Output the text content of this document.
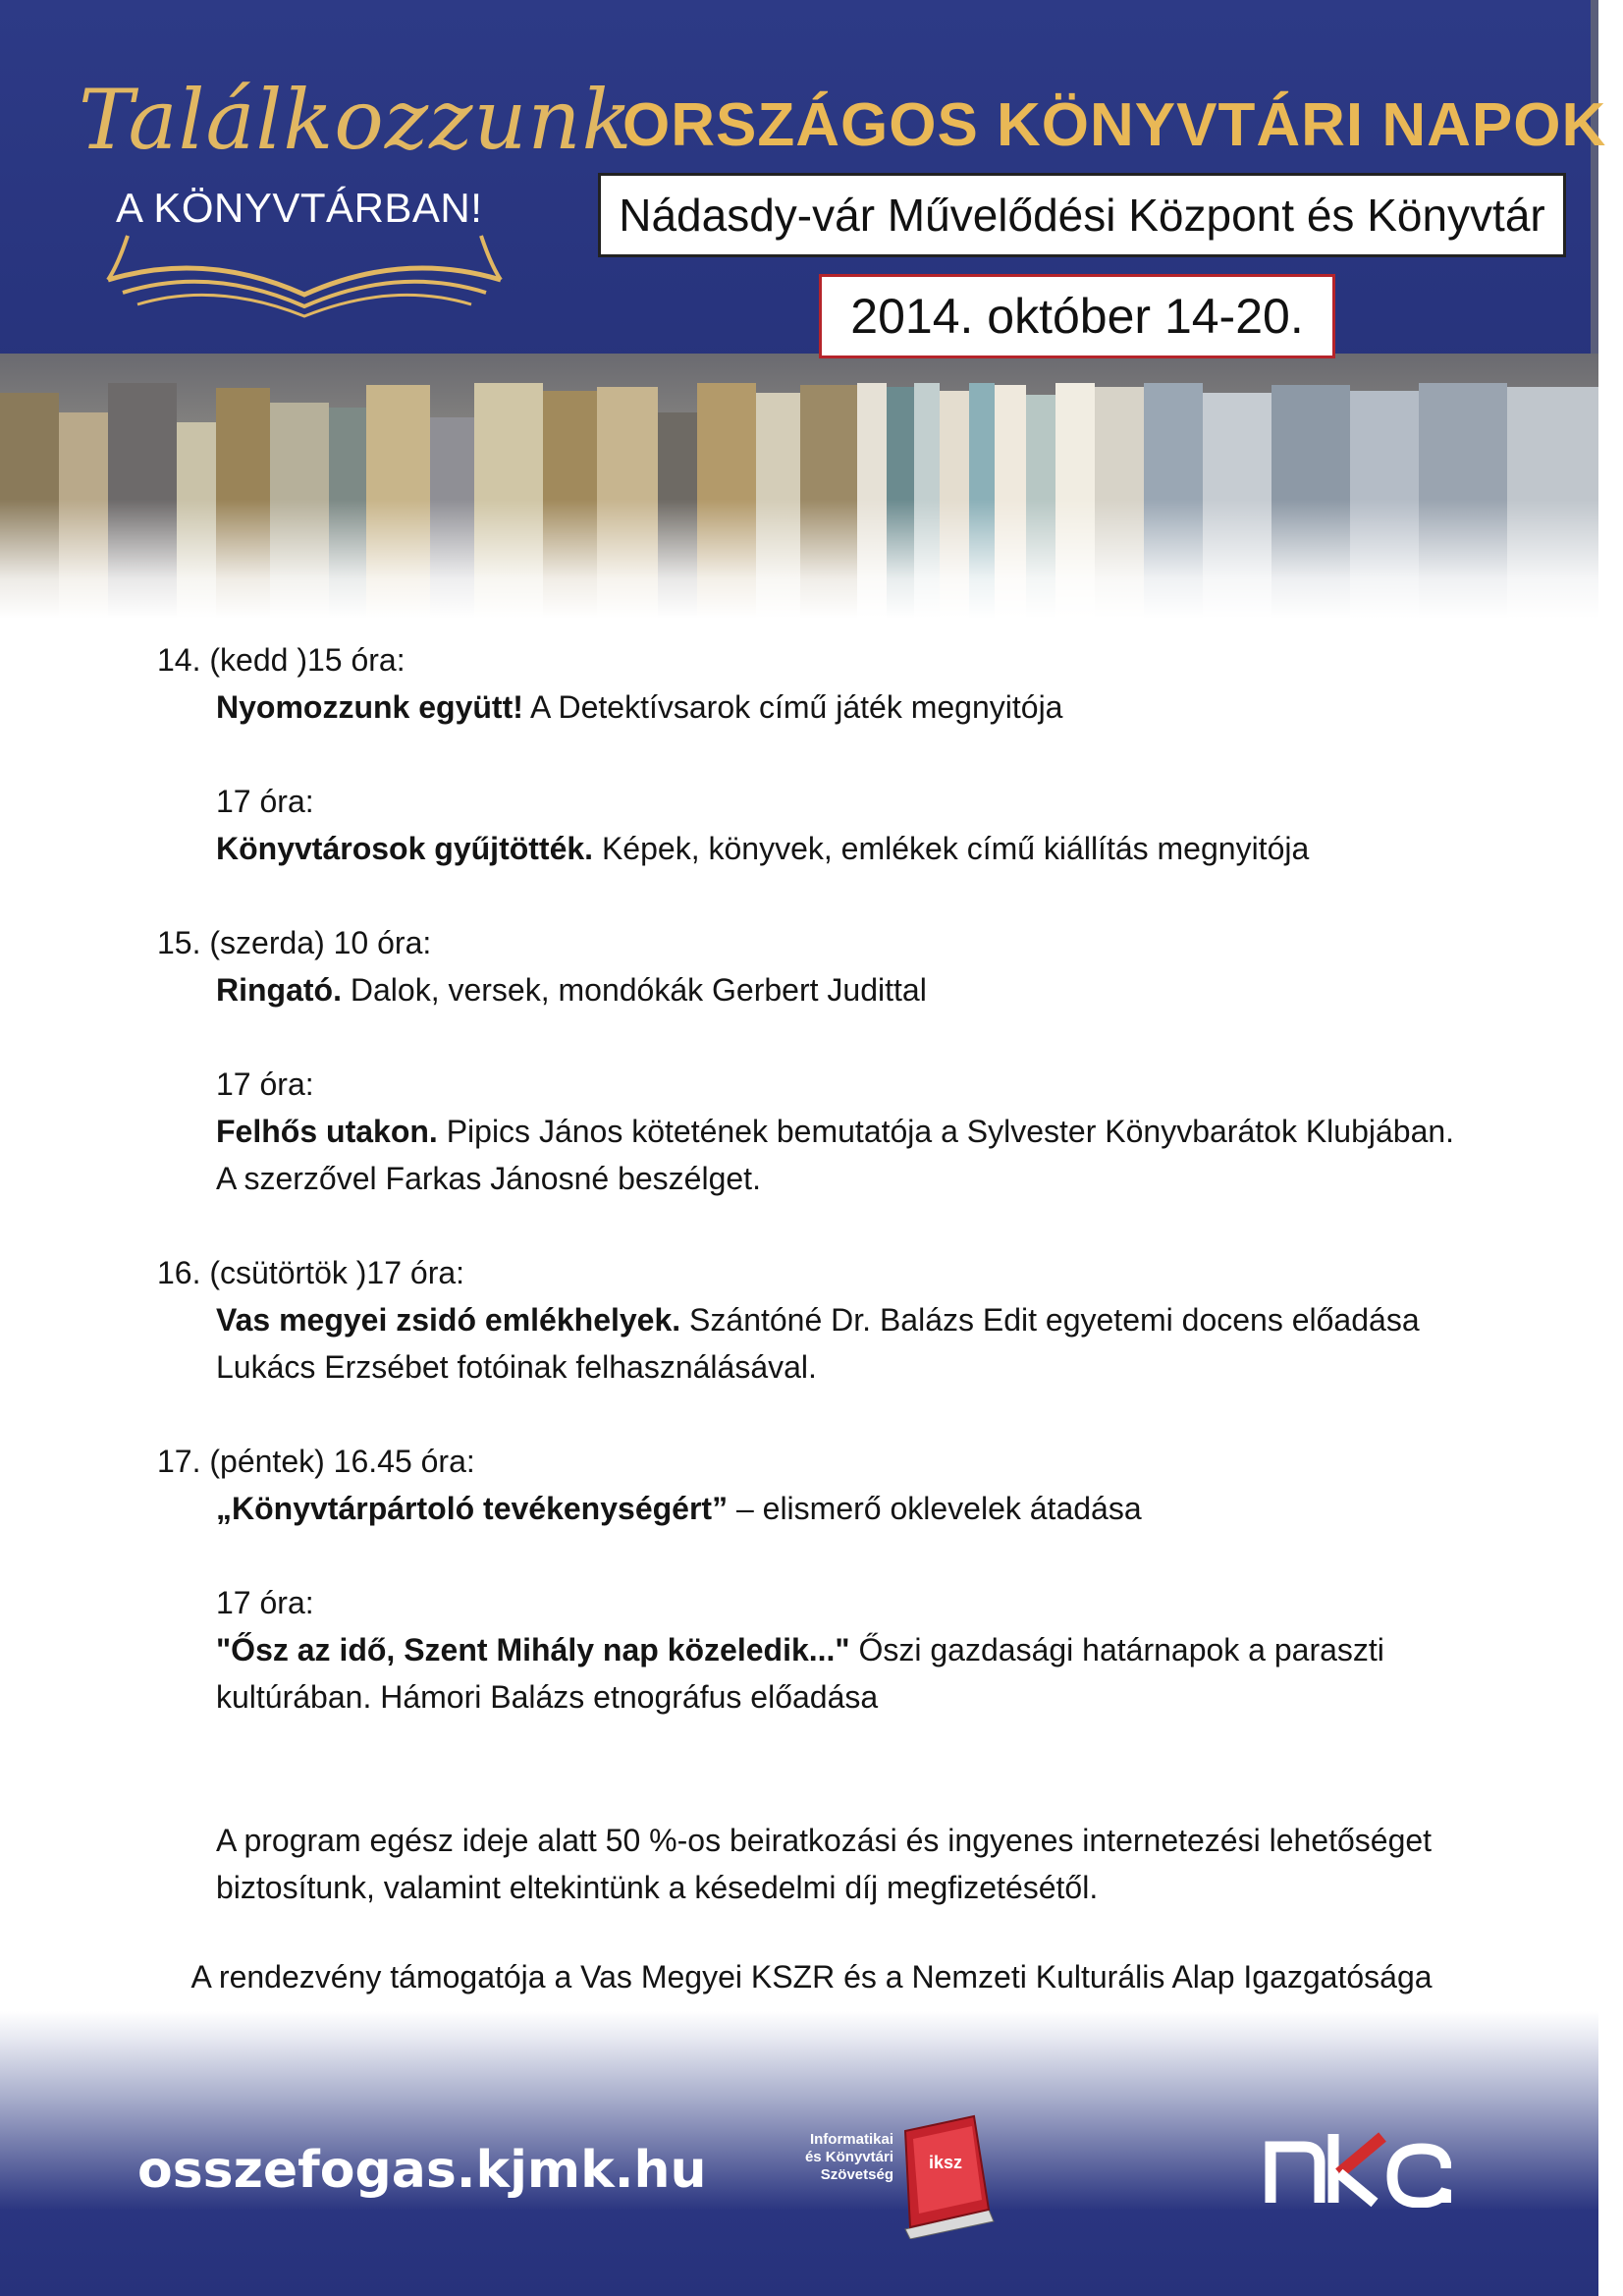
Találkozzunk
A KÖNYVTÁRBAN!
ORSZÁGOS KÖNYVTÁRI NAPOK
Nádasdy-vár Művelődési Központ és Könyvtár
2014. október 14-20.
14. (kedd )15 óra:
Nyomozzunk együtt! A Detektívsarok című játék megnyitója
17 óra:
Könyvtárosok gyűjtötték. Képek, könyvek, emlékek című kiállítás megnyitója
15. (szerda) 10 óra:
Ringató. Dalok, versek, mondókák Gerbert Judittal
17 óra:
Felhős utakon. Pipics János kötetének bemutatója a Sylvester Könyvbarátok Klubjában.
A szerzővel Farkas Jánosné beszélget.
16. (csütörtök )17 óra:
Vas megyei zsidó emlékhelyek. Szántóné Dr. Balázs Edit egyetemi docens előadása
Lukács Erzsébet fotóinak felhasználásával.
17. (péntek) 16.45 óra:
„Könyvtárpártoló tevékenységért” – elismerő oklevelek átadása
17 óra:
"Ősz az idő, Szent Mihály nap közeledik..." Őszi gazdasági határnapok a paraszti
kultúrában. Hámori Balázs etnográfus előadása
A program egész ideje alatt 50 %-os beiratkozási és ingyenes internetezési lehetőséget
biztosítunk, valamint eltekintünk a késedelmi díj megfizetésétől.
A rendezvény támogatója a Vas Megyei KSZR és a Nemzeti Kulturális Alap Igazgatósága
osszefogas.kjmk.hu
Informatikai
és Könyvtári
Szövetség
iksz
nka
